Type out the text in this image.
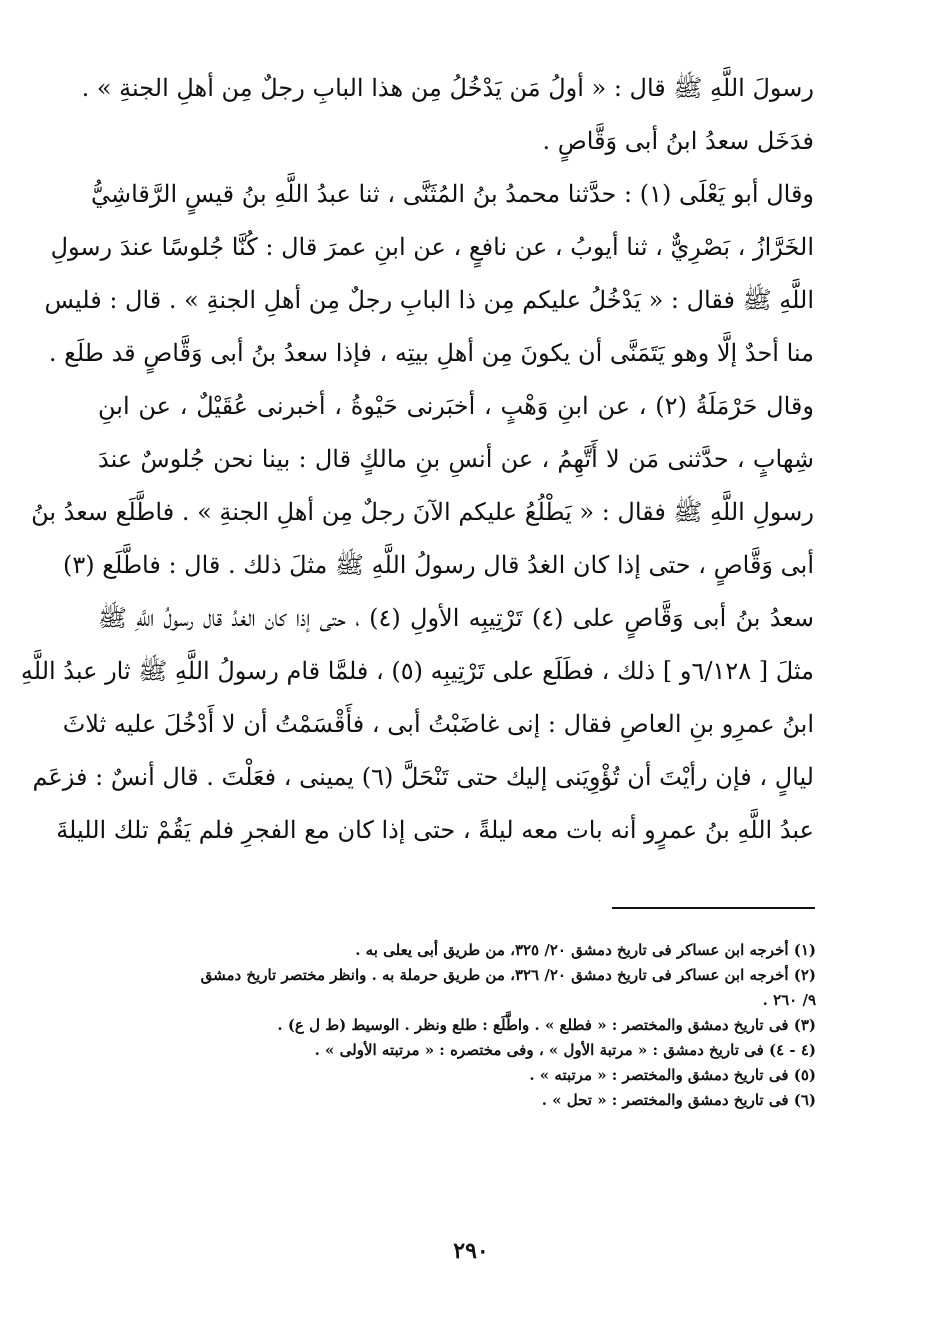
رسولَ اللَّهِ ﷺ قال : « أولُ مَن يَدْخُلُ مِن هذا البابِ رجلٌ مِن أهلِ الجنةِ » .
فدَخَل سعدُ ابنُ أبى وَقَّاصٍ .
وقال أبو يَعْلَى (١) : حدَّثنا محمدُ بنُ المُثَنَّى ، ثنا عبدُ اللَّهِ بنُ قيسٍ الرَّقاشِيُّ
الخَرَّازُ ، بَصْرِيٌّ ، ثنا أيوبُ ، عن نافعٍ ، عن ابنِ عمرَ قال : كُنَّا جُلوسًا عندَ رسولِ
اللَّهِ ﷺ فقال : « يَدْخُلُ عليكم مِن ذا البابِ رجلٌ مِن أهلِ الجنةِ » . قال : فليس
منا أحدٌ إلَّا وهو يَتَمَنَّى أن يكونَ مِن أهلِ بيتِه ، فإذا سعدُ بنُ أبى وَقَّاصٍ قد طلَع .
وقال حَرْمَلَةُ (٢) ، عن ابنِ وَهْبٍ ، أخبَرنى حَيْوةُ ، أخبرنى عُقَيْلٌ ، عن ابنِ
شِهابٍ ، حدَّثنى مَن لا أَتَّهِمُ ، عن أنسِ بنِ مالكٍ قال : بينا نحن جُلوسٌ عندَ
رسولِ اللَّهِ ﷺ فقال : « يَطْلُعُ عليكم الآنَ رجلٌ مِن أهلِ الجنةِ » . فاطَّلَع سعدُ بنُ
أبى وَقَّاصٍ ، حتى إذا كان الغدُ قال رسولُ اللَّهِ ﷺ مثلَ ذلك . قال : فاطَّلَع (٣)
سعدُ بنُ أبى وَقَّاصٍ على (٤) تَرْتِيبِه الأولِ (٤) ، حتى إذا كان الغدُ قال رسولُ اللَّهِ ﷺ
مثلَ [ ٦/١٢٨و ] ذلك ، فطَلَع على تَرْتِيبِه (٥) ، فلمَّا قام رسولُ اللَّهِ ﷺ ثار عبدُ اللَّهِ
ابنُ عمرِو بنِ العاصِ فقال : إنى غاضَبْتُ أبى ، فأَقْسَمْتُ أن لا أَدْخُلَ عليه ثلاثَ
ليالٍ ، فإن رأيْتَ أن تُؤْوِيَنى إليك حتى تَنْحَلَّ (٦) يمينى ، فعَلْتَ . قال أنسٌ : فزعَم
عبدُ اللَّهِ بنُ عمرٍو أنه بات معه ليلةً ، حتى إذا كان مع الفجرِ فلم يَقُمْ تلك الليلةَ
(١) أخرجه ابن عساكر فى تاريخ دمشق ٢٠/ ٣٢٥، من طريق أبى يعلى به .
(٢) أخرجه ابن عساكر فى تاريخ دمشق ٢٠/ ٣٢٦، من طريق حرملة به . وانظر مختصر تاريخ دمشق
٩/ ٢٦٠ .
(٣) فى تاريخ دمشق والمختصر : « فطلع » . واطَّلَع : طلع ونظر . الوسيط (ط ل ع) .
(٤ - ٤) فى تاريخ دمشق : « مرتبة الأول » ، وفى مختصره : « مرتبته الأولى » .
(٥) فى تاريخ دمشق والمختصر : « مرتبته » .
(٦) فى تاريخ دمشق والمختصر : « تحل » .
٢٩٠
